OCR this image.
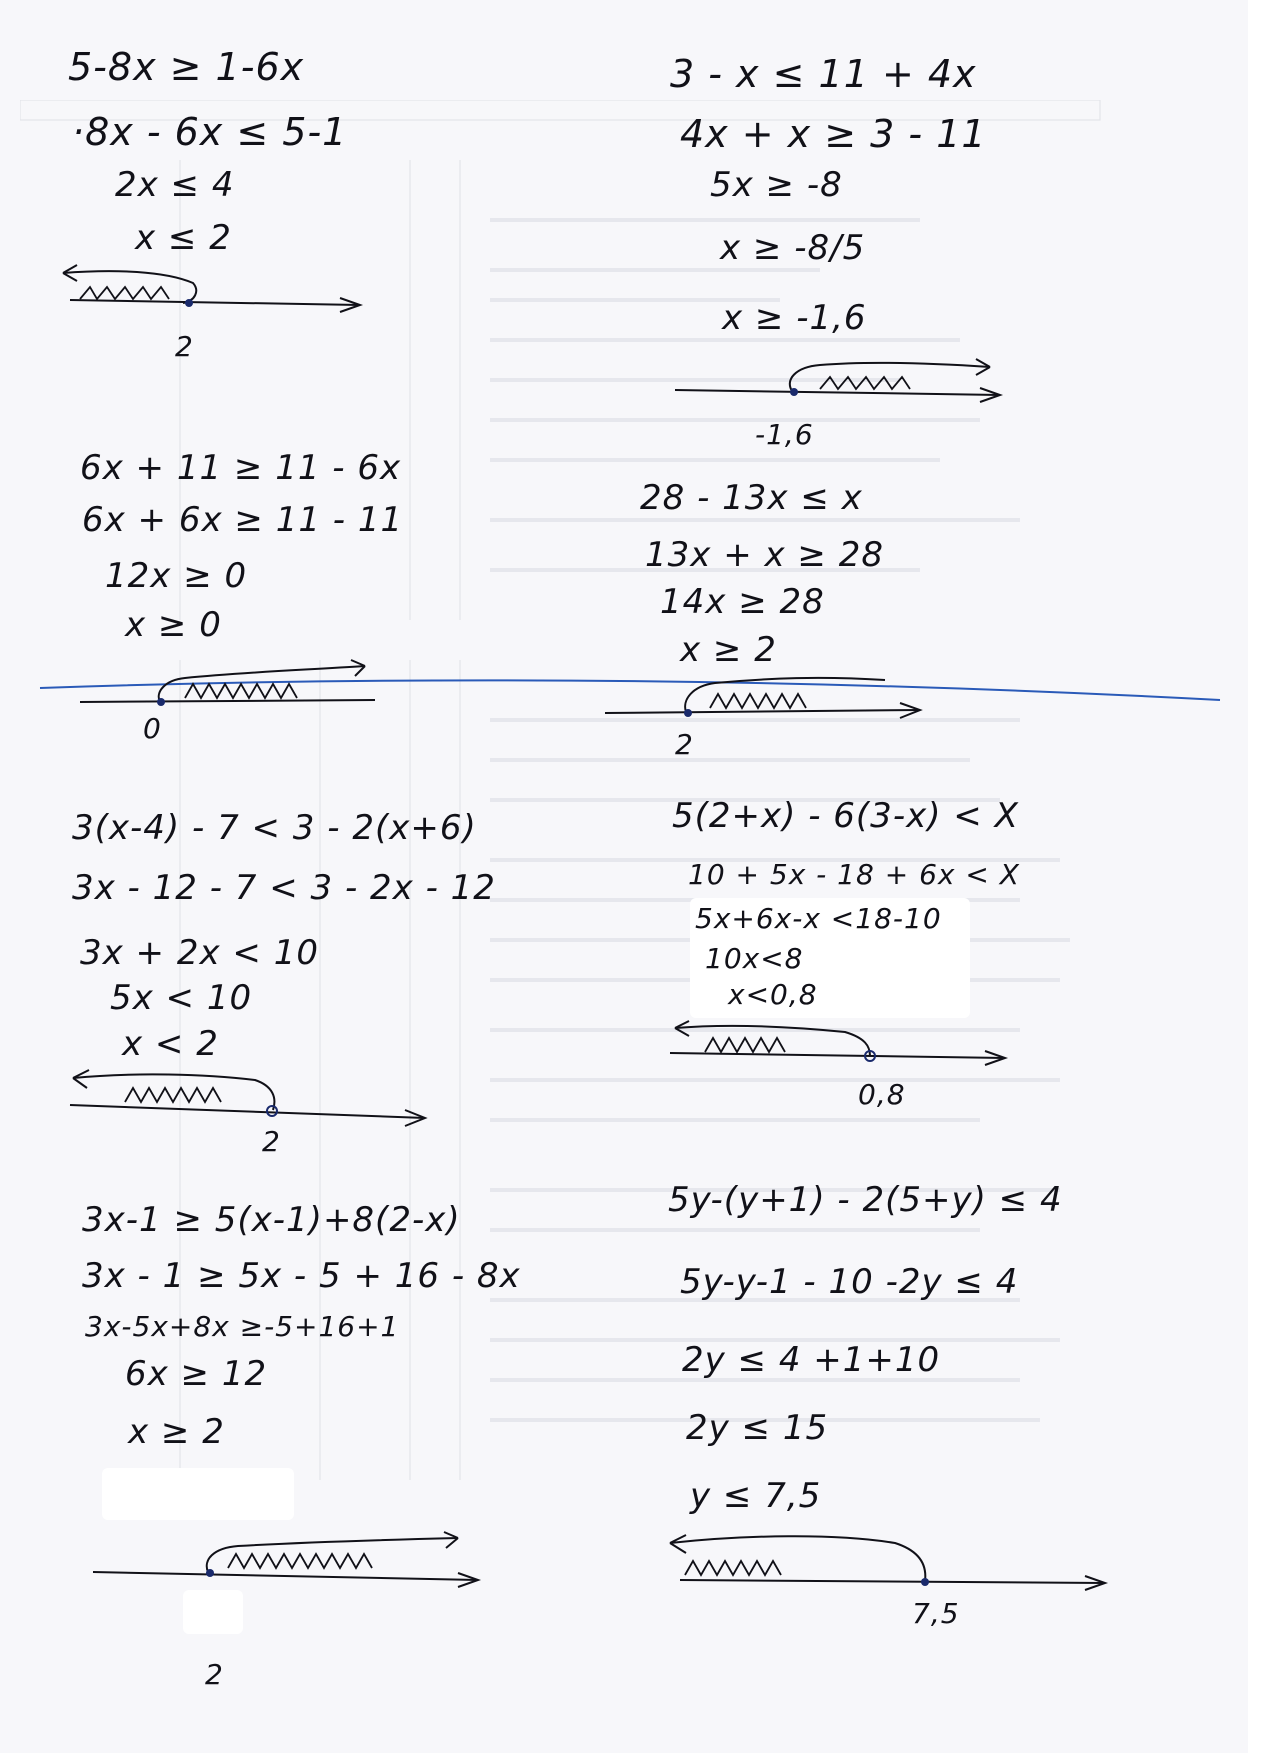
5-8x ≥ 1-6x
·8x - 6x ≤ 5-1
2x ≤ 4
x ≤ 2
2
3 - x ≤ 11 + 4x
4x + x ≥ 3 - 11
5x ≥ -8
x ≥ -8/5
x ≥ -1,6
-1,6
6x + 11 ≥ 11 - 6x
6x + 6x ≥ 11 - 11
12x ≥ 0
x ≥ 0
0
28 - 13x ≤ x
13x + x ≥ 28
14x ≥ 28
x ≥ 2
2
3(x-4) - 7 < 3 - 2(x+6)
3x - 12 - 7 < 3 - 2x - 12
3x + 2x < 10
5x < 10
x < 2
2
5(2+x) - 6(3-x) < X
10 + 5x - 18 + 6x < X
5x+6x-x <18-10
10x<8
x<0,8
0,8
3x-1 ≥ 5(x-1)+8(2-x)
3x - 1 ≥ 5x - 5 + 16 - 8x
3x-5x+8x ≥-5+16+1
6x ≥ 12
x ≥ 2
2
5y-(y+1) - 2(5+y) ≤ 4
5y-y-1 - 10 -2y ≤ 4
2y ≤ 4 +1+10
2y ≤ 15
y ≤ 7,5
7,5
